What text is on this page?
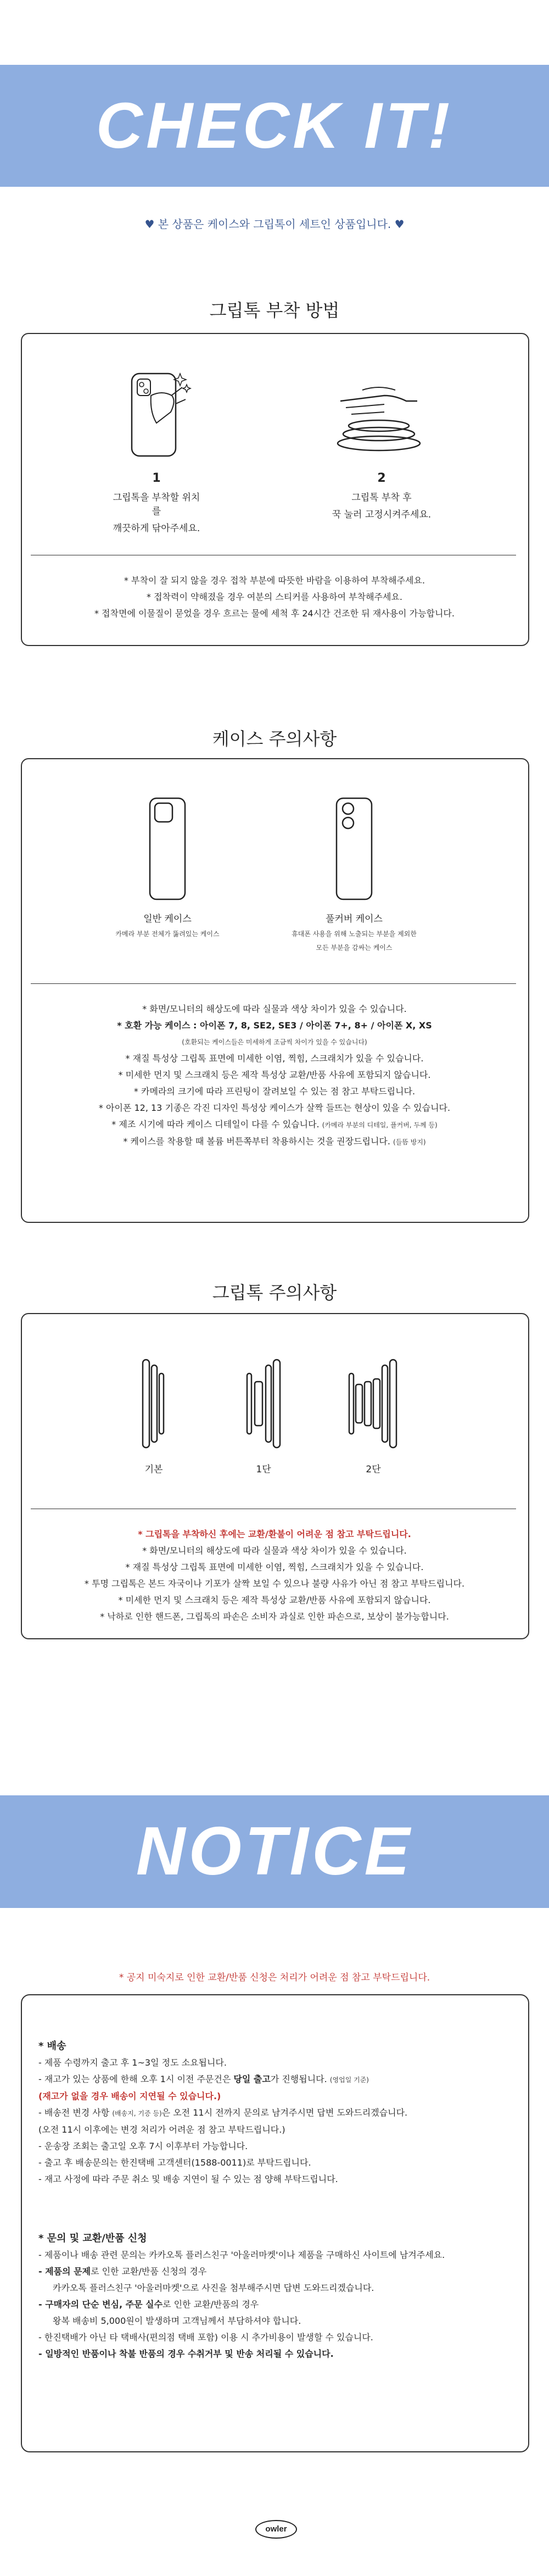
CHECK IT!
♥ 본 상품은 케이스와 그립톡이 세트인 상품입니다. ♥
그립톡 부착 방법
1
그립톡을 부착할 위치를
깨끗하게 닦아주세요.
2
그립톡 부착 후
꾹 눌러 고정시켜주세요.
* 부착이 잘 되지 않을 경우 접착 부분에 따뜻한 바람을 이용하여 부착해주세요.
* 접착력이 약해졌을 경우 여분의 스티커를 사용하여 부착해주세요.
* 접착면에 이물질이 묻었을 경우 흐르는 물에 세척 후 24시간 건조한 뒤 재사용이 가능합니다.
케이스 주의사항
일반 케이스
카메라 부분 전체가 뚫려있는 케이스
풀커버 케이스
휴대폰 사용을 위해 노출되는 부분을 제외한
모든 부분을 감싸는 케이스
* 화면/모니터의 해상도에 따라 실물과 색상 차이가 있을 수 있습니다.
* 호환 가능 케이스 : 아이폰 7, 8, SE2, SE3 / 아이폰 7+, 8+ / 아이폰 X, XS
(호환되는 케이스들은 미세하게 조금씩 차이가 있을 수 있습니다)
* 재질 특성상 그립톡 표면에 미세한 이염, 찍힘, 스크래치가 있을 수 있습니다.
* 미세한 먼지 및 스크래치 등은 제작 특성상 교환/반품 사유에 포함되지 않습니다.
* 카메라의 크기에 따라 프린팅이 잘려보일 수 있는 점 참고 부탁드립니다.
* 아이폰 12, 13 기종은 각진 디자인 특성상 케이스가 살짝 들뜨는 현상이 있을 수 있습니다.
* 제조 시기에 따라 케이스 디테일이 다를 수 있습니다. (카메라 부분의 디테일, 플커버, 두께 등)
* 케이스를 착용할 때 볼륨 버튼쪽부터 착용하시는 것을 권장드립니다. (들뜸 방지)
그립톡 주의사항
기본	1단	2단
* 그립톡을 부착하신 후에는 교환/환불이 어려운 점 참고 부탁드립니다.
* 화면/모니터의 해상도에 따라 실물과 색상 차이가 있을 수 있습니다.
* 재질 특성상 그립톡 표면에 미세한 이염, 찍힘, 스크래치가 있을 수 있습니다.
* 투명 그립톡은 본드 자국이나 기포가 살짝 보일 수 있으나 불량 사유가 아닌 점 참고 부탁드립니다.
* 미세한 먼지 및 스크래치 등은 제작 특성상 교환/반품 사유에 포함되지 않습니다.
* 낙하로 인한 핸드폰, 그립톡의 파손은 소비자 과실로 인한 파손으로, 보상이 불가능합니다.
NOTICE
* 공지 미숙지로 인한 교환/반품 신청은 처리가 어려운 점 참고 부탁드립니다.
* 배송
- 제품 수령까지 출고 후 1~3일 정도 소요됩니다.
- 재고가 있는 상품에 한해 오후 1시 이전 주문건은 당일 출고가 진행됩니다. (영업일 기준)
(재고가 없을 경우 배송이 지연될 수 있습니다.)
- 배송전 변경 사항 (배송지, 기증 등)은 오전 11시 전까지 문의로 남겨주시면 답변 도와드리겠습니다.
(오전 11시 이후에는 변경 처리가 어려운 점 참고 부탁드립니다.)
- 운송장 조회는 출고일 오후 7시 이후부터 가능합니다.
- 출고 후 배송문의는 한진택배 고객센터(1588-0011)로 부탁드립니다.
- 재고 사정에 따라 주문 취소 및 배송 지연이 될 수 있는 점 양해 부탁드립니다.
* 문의 및 교환/반품 신청
- 제품이나 배송 관련 문의는 카카오톡 플러스친구 '아울러마켓'이나 제품을 구매하신 사이트에 남겨주세요.
- 제품의 문제로 인한 교환/반품 신청의 경우
카카오톡 플러스친구 '아울러마켓'으로 사진을 첨부해주시면 답변 도와드리겠습니다.
- 구매자의 단순 변심, 주문 실수로 인한 교환/반품의 경우
왕복 배송비 5,000원이 발생하며 고객님께서 부담하셔야 합니다.
- 한진택배가 아닌 타 택배사(편의점 택배 포함) 이용 시 추가비용이 발생할 수 있습니다.
- 일방적인 반품이나 착불 반품의 경우 수취거부 및 반송 처리될 수 있습니다.
owler
